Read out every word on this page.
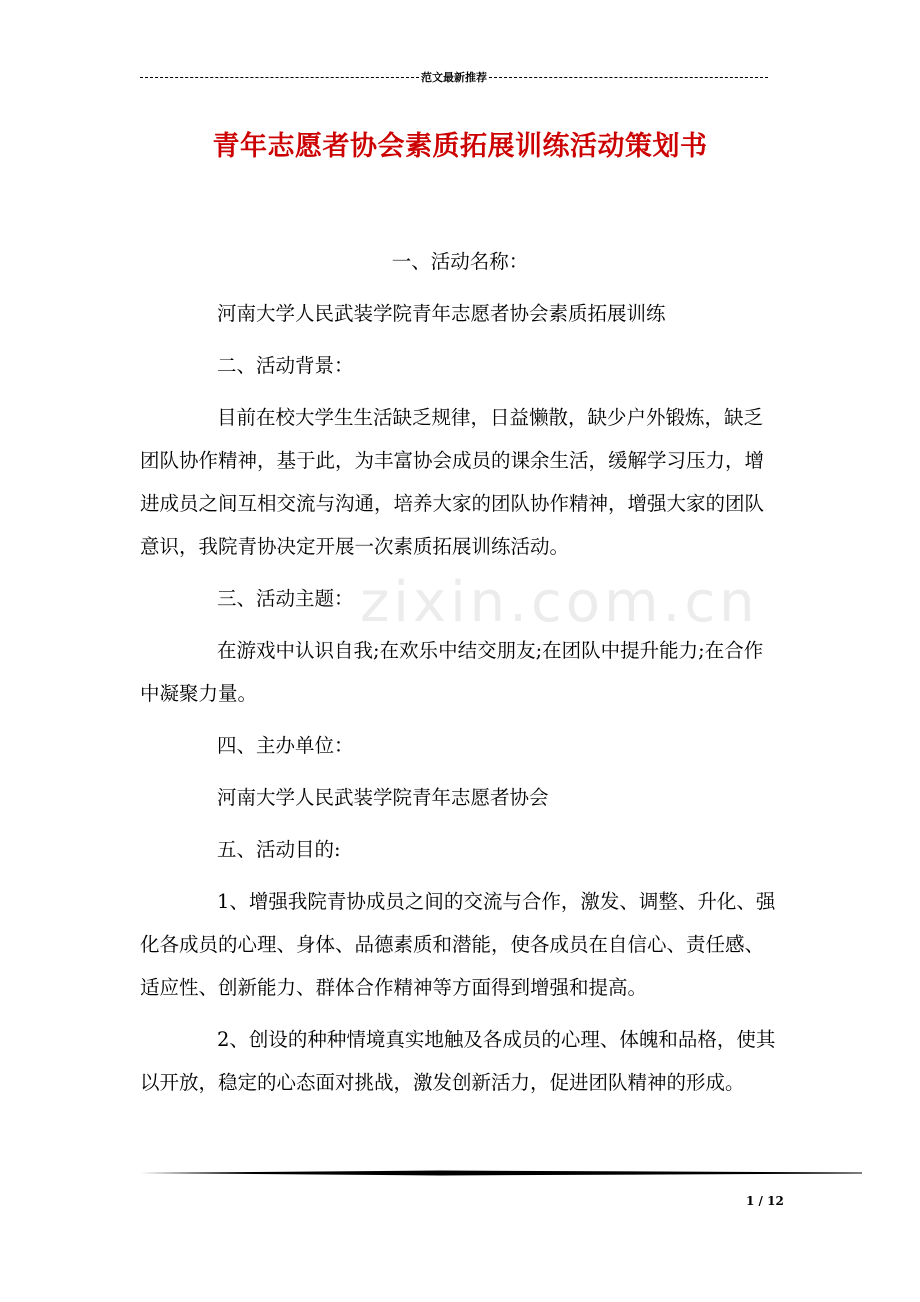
范文最新推荐
青年志愿者协会素质拓展训练活动策划书
zixin.com.cn

一、活动名称：

河南大学人民武装学院青年志愿者协会素质拓展训练

二、活动背景：

目前在校大学生生活缺乏规律，日益懒散，缺少户外锻炼，缺乏团队协作精神，基于此，为丰富协会成员的课余生活，缓解学习压力，增进成员之间互相交流与沟通，培养大家的团队协作精神，增强大家的团队意识，我院青协决定开展一次素质拓展训练活动。

三、活动主题：

在游戏中认识自我;在欢乐中结交朋友;在团队中提升能力;在合作中凝聚力量。

四、主办单位：

河南大学人民武装学院青年志愿者协会

五、活动目的:

1、增强我院青协成员之间的交流与合作，激发、调整、升化、强化各成员的心理、身体、品德素质和潜能，使各成员在自信心、责任感、适应性、创新能力、群体合作精神等方面得到增强和提高。

2、创设的种种情境真实地触及各成员的心理、体魄和品格，使其以开放，稳定的心态面对挑战，激发创新活力，促进团队精神的形成。

1 / 12
